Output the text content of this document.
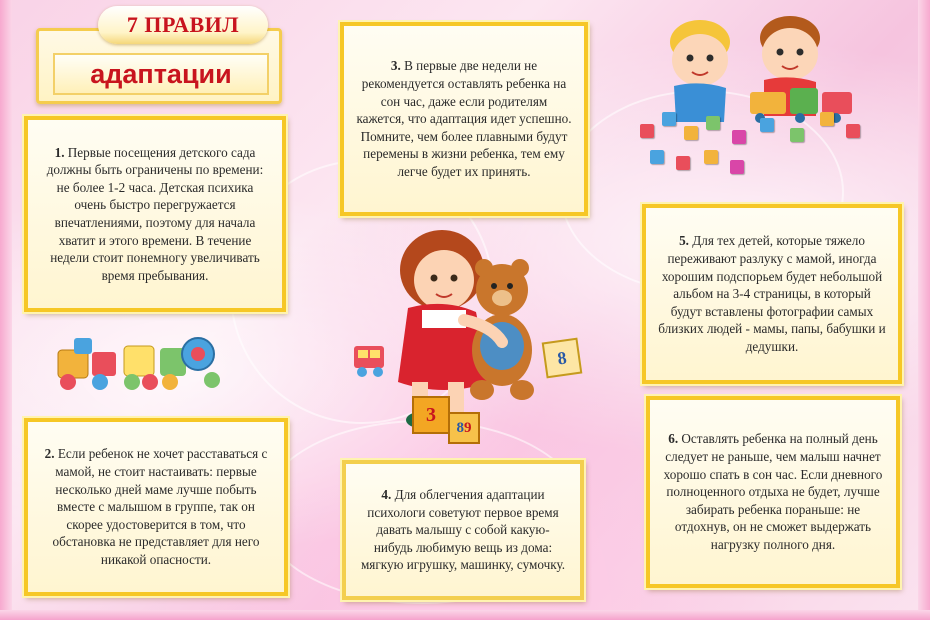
адаптации
7 ПРАВИЛ

1. Первые посещения детского сада должны быть ограничены по времени: не более 1-2 часа. Детская психика очень быстро перегружается впечатлениями, поэтому для начала хватит и этого времени. В течение недели стоит понемногу увеличивать время пребывания.

2. Если ребенок не хочет расставаться с мамой, не стоит настаивать: первые несколько дней маме лучше побыть вместе с малышом в группе, так он скорее удостоверится в том, что обстановка не представляет для него никакой опасности.

3. В первые две недели не рекомендуется оставлять ребенка на сон час, даже если родителям кажется, что адаптация идет успешно. Помните, чем более плавными будут перемены в жизни ребенка, тем ему легче будет их принять.

4. Для облегчения адаптации психологи советуют первое время давать малышу с собой какую-нибудь любимую вещь из дома: мягкую игрушку, машинку, сумочку.

5. Для тех детей, которые тяжело переживают разлуку с мамой, иногда хорошим подспорьем будет небольшой альбом на 3-4 страницы, в который будут вставлены фотографии самых близких людей - мамы, папы, бабушки и дедушки.

6. Оставлять ребенка на полный день следует не раньше, чем малыш начнет хорошо спать в сон час. Если дневного полноценного отдыха не будет, лучше забирать ребенка пораньше: не отдохнув, он не сможет выдержать нагрузку полного дня.

3
8 9
8
